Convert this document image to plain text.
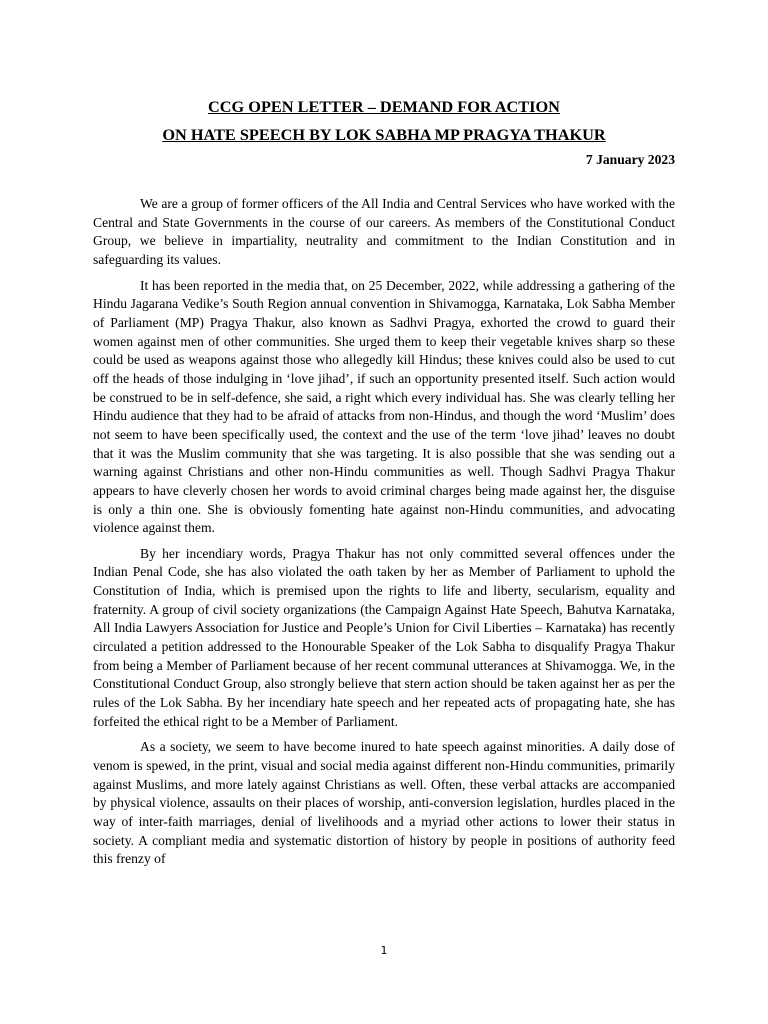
CCG OPEN LETTER – DEMAND FOR ACTION
ON HATE SPEECH BY LOK SABHA MP PRAGYA THAKUR
7 January 2023

We are a group of former officers of the All India and Central Services who have worked with the Central and State Governments in the course of our careers. As members of the Constitutional Conduct Group, we believe in impartiality, neutrality and commitment to the Indian Constitution and in safeguarding its values.

It has been reported in the media that, on 25 December, 2022, while addressing a gathering of the Hindu Jagarana Vedike’s South Region annual convention in Shivamogga, Karnataka, Lok Sabha Member of Parliament (MP) Pragya Thakur, also known as Sadhvi Pragya, exhorted the crowd to guard their women against men of other communities. She urged them to keep their vegetable knives sharp so these could be used as weapons against those who allegedly kill Hindus; these knives could also be used to cut off the heads of those indulging in ‘love jihad’, if such an opportunity presented itself. Such action would be construed to be in self-defence, she said, a right which every individual has. She was clearly telling her Hindu audience that they had to be afraid of attacks from non-Hindus, and though the word ‘Muslim’ does not seem to have been specifically used, the context and the use of the term ‘love jihad’ leaves no doubt that it was the Muslim community that she was targeting. It is also possible that she was sending out a warning against Christians and other non-Hindu communities as well. Though Sadhvi Pragya Thakur appears to have cleverly chosen her words to avoid criminal charges being made against her, the disguise is only a thin one. She is obviously fomenting hate against non-Hindu communities, and advocating violence against them.

By her incendiary words, Pragya Thakur has not only committed several offences under the Indian Penal Code, she has also violated the oath taken by her as Member of Parliament to uphold the Constitution of India, which is premised upon the rights to life and liberty, secularism, equality and fraternity. A group of civil society organizations (the Campaign Against Hate Speech, Bahutva Karnataka, All India Lawyers Association for Justice and People’s Union for Civil Liberties – Karnataka) has recently circulated a petition addressed to the Honourable Speaker of the Lok Sabha to disqualify Pragya Thakur from being a Member of Parliament because of her recent communal utterances at Shivamogga. We, in the Constitutional Conduct Group, also strongly believe that stern action should be taken against her as per the rules of the Lok Sabha. By her incendiary hate speech and her repeated acts of propagating hate, she has forfeited the ethical right to be a Member of Parliament.

As a society, we seem to have become inured to hate speech against minorities. A daily dose of venom is spewed, in the print, visual and social media against different non-Hindu communities, primarily against Muslims, and more lately against Christians as well. Often, these verbal attacks are accompanied by physical violence, assaults on their places of worship, anti-conversion legislation, hurdles placed in the way of inter-faith marriages, denial of livelihoods and a myriad other actions to lower their status in society. A compliant media and systematic distortion of history by people in positions of authority feed this frenzy of

1
